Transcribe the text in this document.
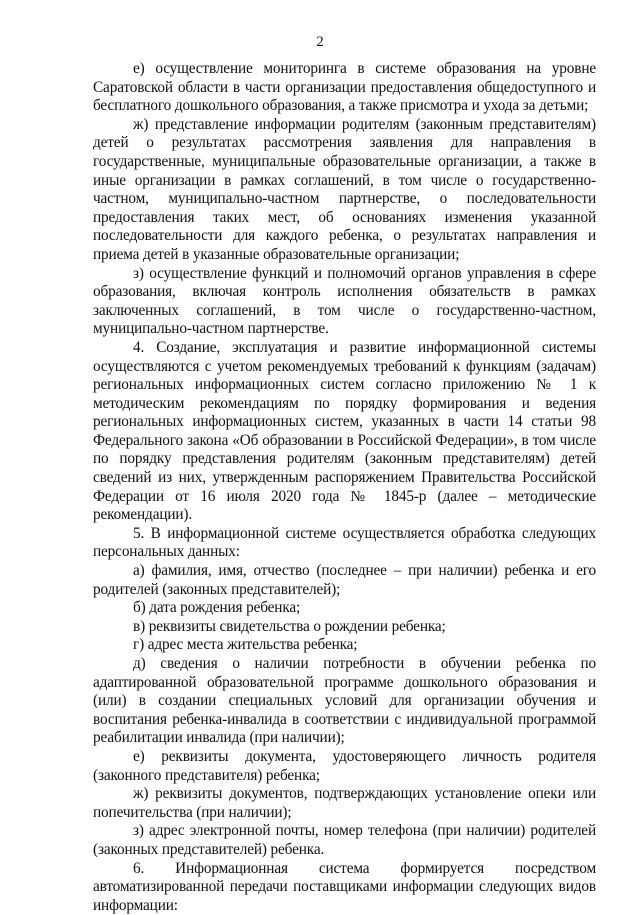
2

е) осуществление мониторинга в системе образования на уровне Саратовской области в части организации предоставления общедоступного и бесплатного дошкольного образования, а также присмотра и ухода за детьми;

ж) представление информации родителям (законным представителям) детей о результатах рассмотрения заявления для направления в государственные, муниципальные образовательные организации, а также в иные организации в рамках соглашений, в том числе о государственно-частном, муниципально-частном партнерстве, о последовательности предоставления таких мест, об основаниях изменения указанной последовательности для каждого ребенка, о результатах направления и приема детей в указанные образовательные организации;

з) осуществление функций и полномочий органов управления в сфере образования, включая контроль исполнения обязательств в рамках заключенных соглашений, в том числе о государственно-частном, муниципально-частном партнерстве.

4. Создание, эксплуатация и развитие информационной системы осуществляются с учетом рекомендуемых требований к функциям (задачам) региональных информационных систем согласно приложению № 1 к методическим рекомендациям по порядку формирования и ведения региональных информационных систем, указанных в части 14 статьи 98 Федерального закона «Об образовании в Российской Федерации», в том числе по порядку представления родителям (законным представителям) детей сведений из них, утвержденным распоряжением Правительства Российской Федерации от 16 июля 2020 года № 1845-р (далее – методические рекомендации).

5. В информационной системе осуществляется обработка следующих персональных данных:

а) фамилия, имя, отчество (последнее – при наличии) ребенка и его родителей (законных представителей);

б) дата рождения ребенка;

в) реквизиты свидетельства о рождении ребенка;

г) адрес места жительства ребенка;

д) сведения о наличии потребности в обучении ребенка по адаптированной образовательной программе дошкольного образования и (или) в создании специальных условий для организации обучения и воспитания ребенка-инвалида в соответствии с индивидуальной программой реабилитации инвалида (при наличии);

е) реквизиты документа, удостоверяющего личность родителя (законного представителя) ребенка;

ж) реквизиты документов, подтверждающих установление опеки или попечительства (при наличии);

з) адрес электронной почты, номер телефона (при наличии) родителей (законных представителей) ребенка.

6. Информационная система формируется посредством автоматизированной передачи поставщиками информации следующих видов информации:
